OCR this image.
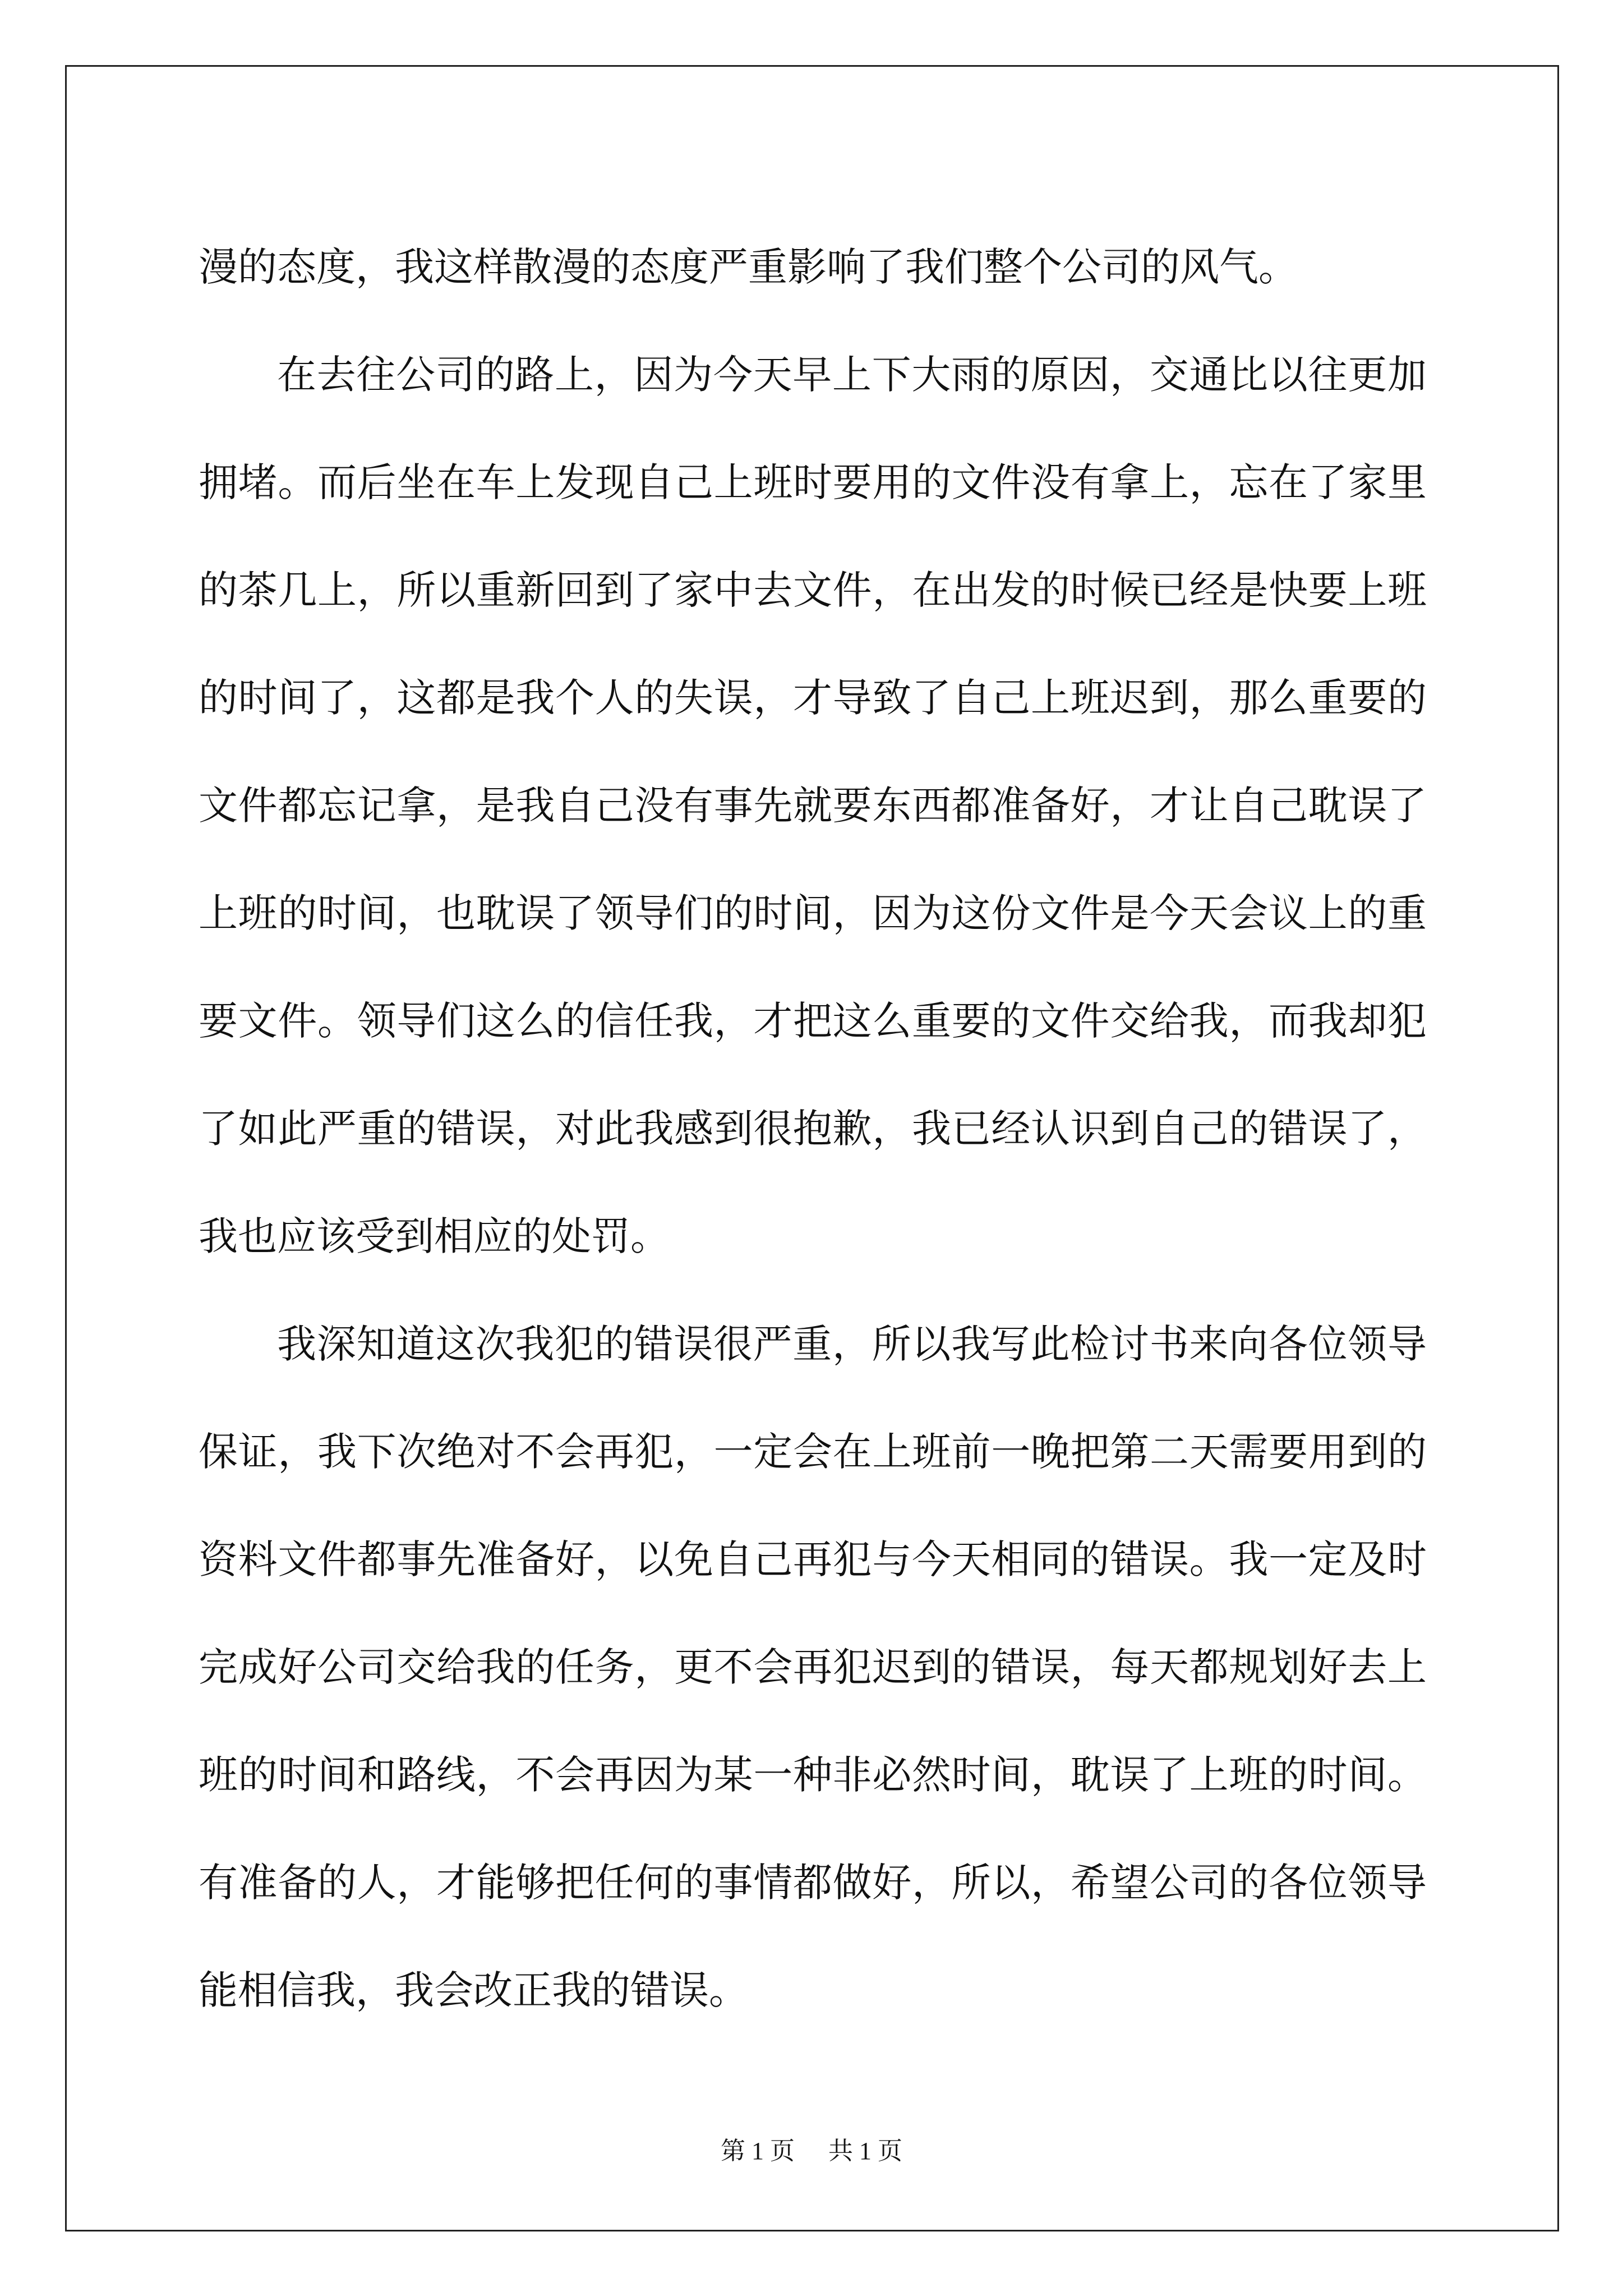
漫的态度，我这样散漫的态度严重影响了我们整个公司的风气。

在去往公司的路上，因为今天早上下大雨的原因，交通比以往更加拥堵。而后坐在车上发现自己上班时要用的文件没有拿上，忘在了家里的茶几上，所以重新回到了家中去文件，在出发的时候已经是快要上班的时间了，这都是我个人的失误，才导致了自己上班迟到，那么重要的文件都忘记拿，是我自己没有事先就要东西都准备好，才让自己耽误了上班的时间，也耽误了领导们的时间，因为这份文件是今天会议上的重要文件。领导们这么的信任我，才把这么重要的文件交给我，而我却犯了如此严重的错误，对此我感到很抱歉，我已经认识到自己的错误了，我也应该受到相应的处罚。

我深知道这次我犯的错误很严重，所以我写此检讨书来向各位领导保证，我下次绝对不会再犯，一定会在上班前一晚把第二天需要用到的资料文件都事先准备好，以免自己再犯与今天相同的错误。我一定及时完成好公司交给我的任务，更不会再犯迟到的错误，每天都规划好去上班的时间和路线，不会再因为某一种非必然时间，耽误了上班的时间。有准备的人，才能够把任何的事情都做好，所以，希望公司的各位领导能相信我，我会改正我的错误。

第 1 页 共 1 页
